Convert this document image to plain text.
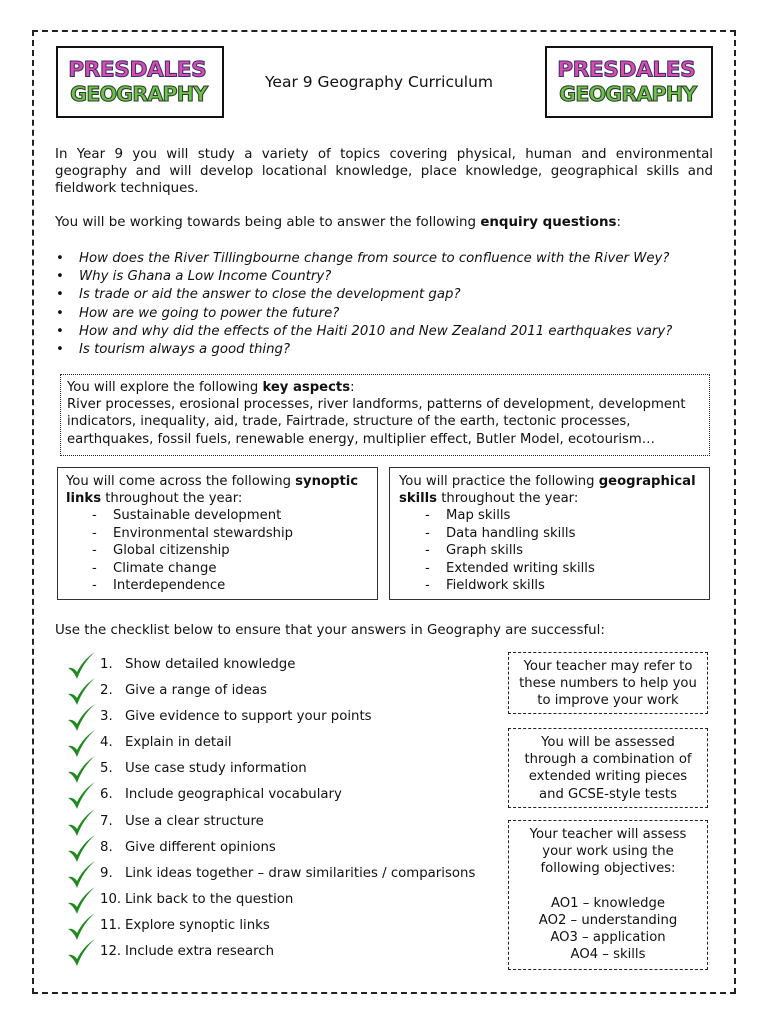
PRESDALES
GEOGRAPHY
PRESDALES
GEOGRAPHY
Year 9 Geography Curriculum
In Year 9 you will study a variety of topics covering physical, human and environmental geography and will develop locational knowledge, place knowledge, geographical skills and fieldwork techniques.
You will be working towards being able to answer the following enquiry questions:
• How does the River Tillingbourne change from source to confluence with the River Wey?
• Why is Ghana a Low Income Country?
• Is trade or aid the answer to close the development gap?
• How are we going to power the future?
• How and why did the effects of the Haiti 2010 and New Zealand 2011 earthquakes vary?
• Is tourism always a good thing?
You will explore the following key aspects:
River processes, erosional processes, river landforms, patterns of development, development
indicators, inequality, aid, trade, Fairtrade, structure of the earth, tectonic processes,
earthquakes, fossil fuels, renewable energy, multiplier effect, Butler Model, ecotourism…
You will come across the following synoptic
links throughout the year:
- Sustainable development
- Environmental stewardship
- Global citizenship
- Climate change
- Interdependence
You will practice the following geographical
skills throughout the year:
- Map skills
- Data handling skills
- Graph skills
- Extended writing skills
- Fieldwork skills
Use the checklist below to ensure that your answers in Geography are successful:
1. Show detailed knowledge
2. Give a range of ideas
3. Give evidence to support your points
4. Explain in detail
5. Use case study information
6. Include geographical vocabulary
7. Use a clear structure
8. Give different opinions
9. Link ideas together – draw similarities / comparisons
10. Link back to the question
11. Explore synoptic links
12. Include extra research
Your teacher may refer to
these numbers to help you
to improve your work
You will be assessed
through a combination of
extended writing pieces
and GCSE-style tests
Your teacher will assess
your work using the
following objectives:
AO1 – knowledge
AO2 – understanding
AO3 – application
AO4 – skills
